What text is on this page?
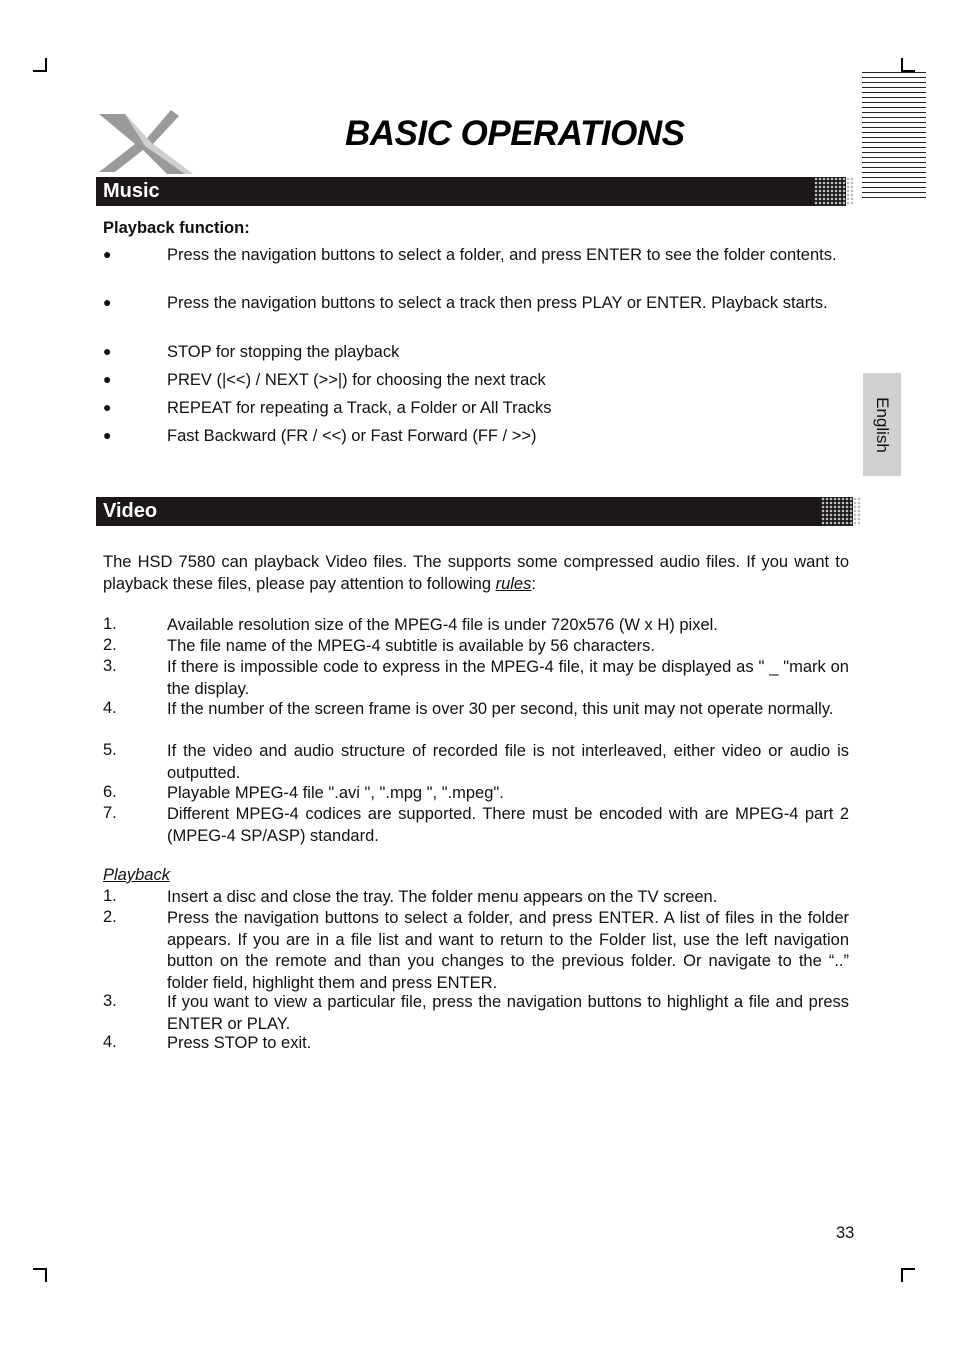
BASIC OPERATIONS
Music
Playback function:
●	Press the navigation buttons to select a folder, and press ENTER to see the folder contents.
●	Press the navigation buttons to select a track then press PLAY or ENTER. Playback starts.
●	STOP for stopping the playback
●	PREV (|<<) / NEXT (>>|) for choosing the next track
●	REPEAT for repeating a Track, a Folder or All Tracks
●	Fast Backward (FR / <<) or Fast Forward (FF / >>)	English
Video
The HSD 7580 can playback Video files. The supports some compressed audio files. If you want to playback these files, please pay attention to following rules:
1.	Available resolution size of the MPEG-4 file is under 720x576 (W x H) pixel.
2.	The file name of the MPEG-4 subtitle is available by 56 characters.
3.	If there is impossible code to express in the MPEG-4 file, it may be displayed as " _ "mark on the display.
4.	If the number of the screen frame is over 30 per second, this unit may not operate normally.
5.	If the video and audio structure of recorded file is not interleaved, either video or audio is outputted.
6.	Playable MPEG-4 file ".avi ", ".mpg ", ".mpeg".
7.	Different MPEG-4 codices are supported. There must be encoded with are MPEG-4 part 2 (MPEG-4 SP/ASP) standard.
Playback
1.	Insert a disc and close the tray. The folder menu appears on the TV screen.
2.	Press the navigation buttons to select a folder, and press ENTER. A list of files in the folder appears. If you are in a file list and want to return to the Folder list, use the left navigation button on the remote and than you changes to the previous folder. Or navigate to the “..” folder field, highlight them and press ENTER.
3.	If you want to view a particular file, press the navigation buttons to highlight a file and press ENTER or PLAY.
4.	Press STOP to exit.
33
